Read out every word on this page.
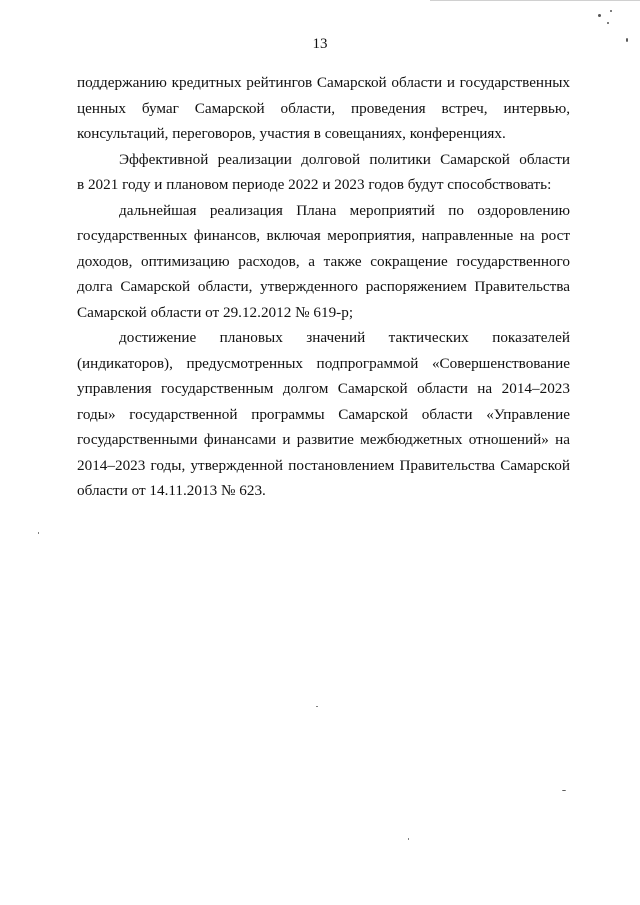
13

поддержанию кредитных рейтингов Самарской области и государственных
ценных бумаг Самарской области, проведения встреч, интервью,
консультаций, переговоров, участия в совещаниях, конференциях.

Эффективной реализации долговой политики Самарской области
в 2021 году и плановом периоде 2022 и 2023 годов будут способствовать:

дальнейшая реализация Плана мероприятий по оздоровлению
государственных финансов, включая мероприятия, направленные на рост
доходов, оптимизацию расходов, а также сокращение государственного
долга Самарской области, утвержденного распоряжением Правительства
Самарской области от 29.12.2012 № 619-р;

достижение плановых значений тактических показателей
(индикаторов), предусмотренных подпрограммой «Совершенствование
управления государственным долгом Самарской области на 2014–2023
годы» государственной программы Самарской области «Управление
государственными финансами и развитие межбюджетных отношений» на
2014–2023 годы, утвержденной постановлением Правительства Самарской
области от 14.11.2013 № 623.
